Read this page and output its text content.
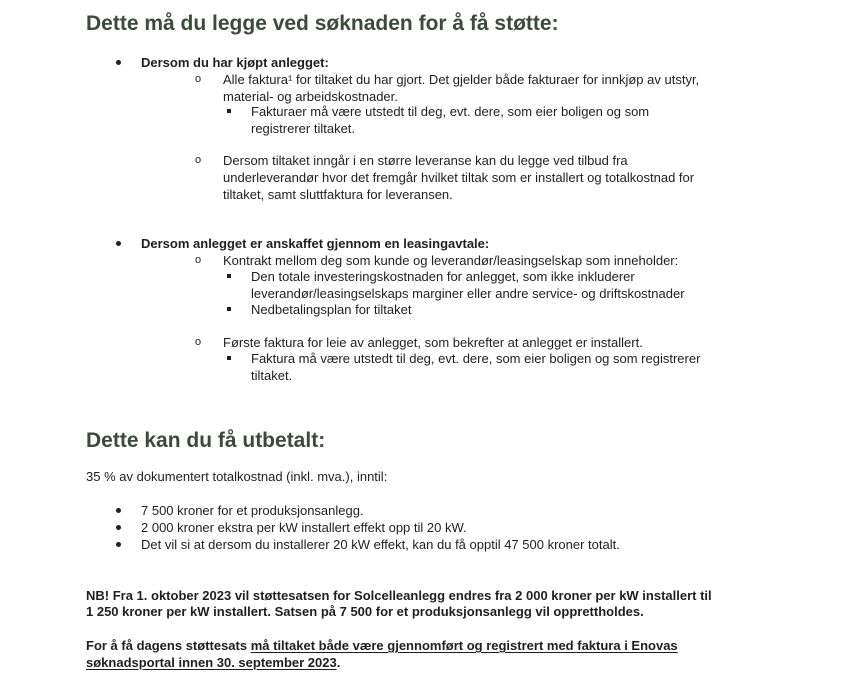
Dette må du legge ved søknaden for å få støtte:

Dersom du har kjøpt anlegget:

o Alle faktura¹ for tiltaket du har gjort. Det gjelder både fakturaer for innkjøp av utstyr,

material- og arbeidskostnader.

Fakturaer må være utstedt til deg, evt. dere, som eier boligen og som

registrerer tiltaket.

o Dersom tiltaket inngår i en større leveranse kan du legge ved tilbud fra

underleverandør hvor det fremgår hvilket tiltak som er installert og totalkostnad for

tiltaket, samt sluttfaktura for leveransen.

Dersom anlegget er anskaffet gjennom en leasingavtale:

o Kontrakt mellom deg som kunde og leverandør/leasingselskap som inneholder:

Den totale investeringskostnaden for anlegget, som ikke inkluderer

leverandør/leasingselskaps marginer eller andre service- og driftskostnader

Nedbetalingsplan for tiltaket

o Første faktura for leie av anlegget, som bekrefter at anlegget er installert.

Faktura må være utstedt til deg, evt. dere, som eier boligen og som registrerer

tiltaket.

Dette kan du få utbetalt:

35 % av dokumentert totalkostnad (inkl. mva.), inntil:

7 500 kroner for et produksjonsanlegg.

2 000 kroner ekstra per kW installert effekt opp til 20 kW.

Det vil si at dersom du installerer 20 kW effekt, kan du få opptil 47 500 kroner totalt.

NB! Fra 1. oktober 2023 vil støttesatsen for Solcelleanlegg endres fra 2 000 kroner per kW installert til

1 250 kroner per kW installert. Satsen på 7 500 for et produksjonsanlegg vil opprettholdes.

For å få dagens støttesats må tiltaket både være gjennomført og registrert med faktura i Enovas

søknadsportal innen 30. september 2023.
